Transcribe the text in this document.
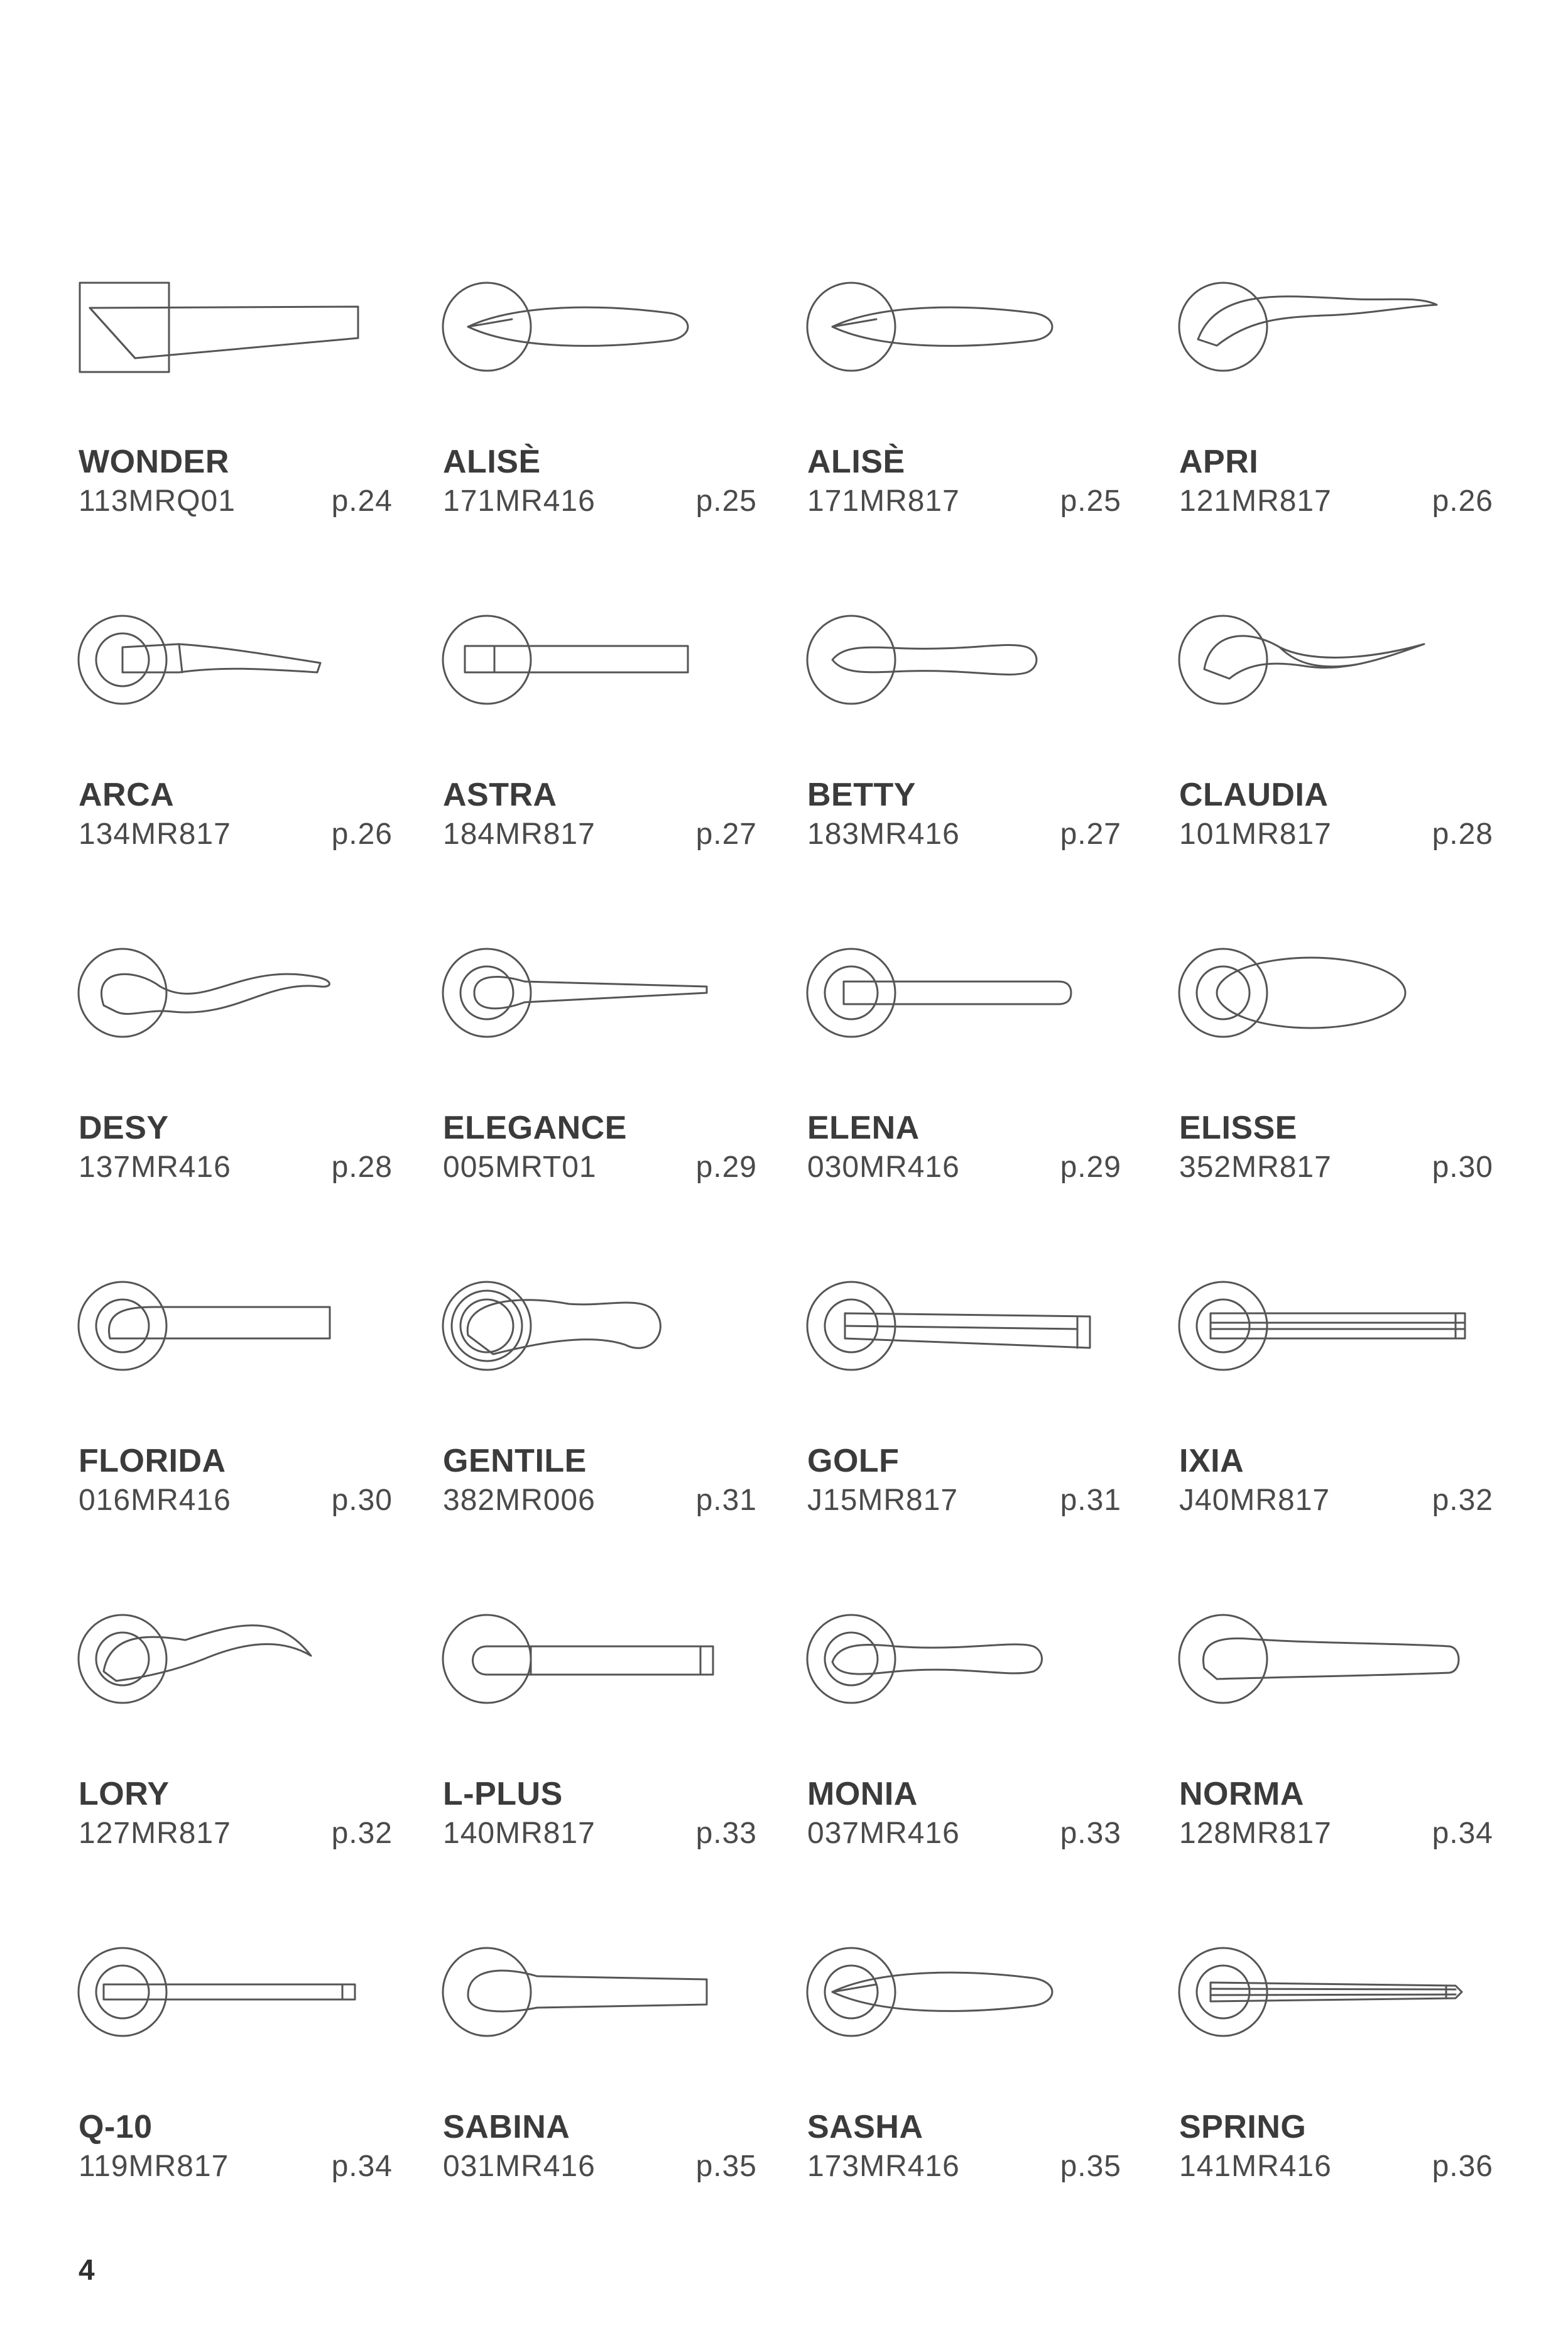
WONDER
113MRQ01	p.24
ALISÈ
171MR416	p.25
ALISÈ
171MR817	p.25
APRI
121MR817	p.26
ARCA
134MR817	p.26
ASTRA
184MR817	p.27
BETTY
183MR416	p.27
CLAUDIA
101MR817	p.28
DESY
137MR416	p.28
ELEGANCE
005MRT01	p.29
ELENA
030MR416	p.29
ELISSE
352MR817	p.30
FLORIDA
016MR416	p.30
GENTILE
382MR006	p.31
GOLF
J15MR817	p.31
IXIA
J40MR817	p.32
LORY
127MR817	p.32
L-PLUS
140MR817	p.33
MONIA
037MR416	p.33
NORMA
128MR817	p.34
Q-10
119MR817	p.34
SABINA
031MR416	p.35
SASHA
173MR416	p.35
SPRING
141MR416	p.36
4
